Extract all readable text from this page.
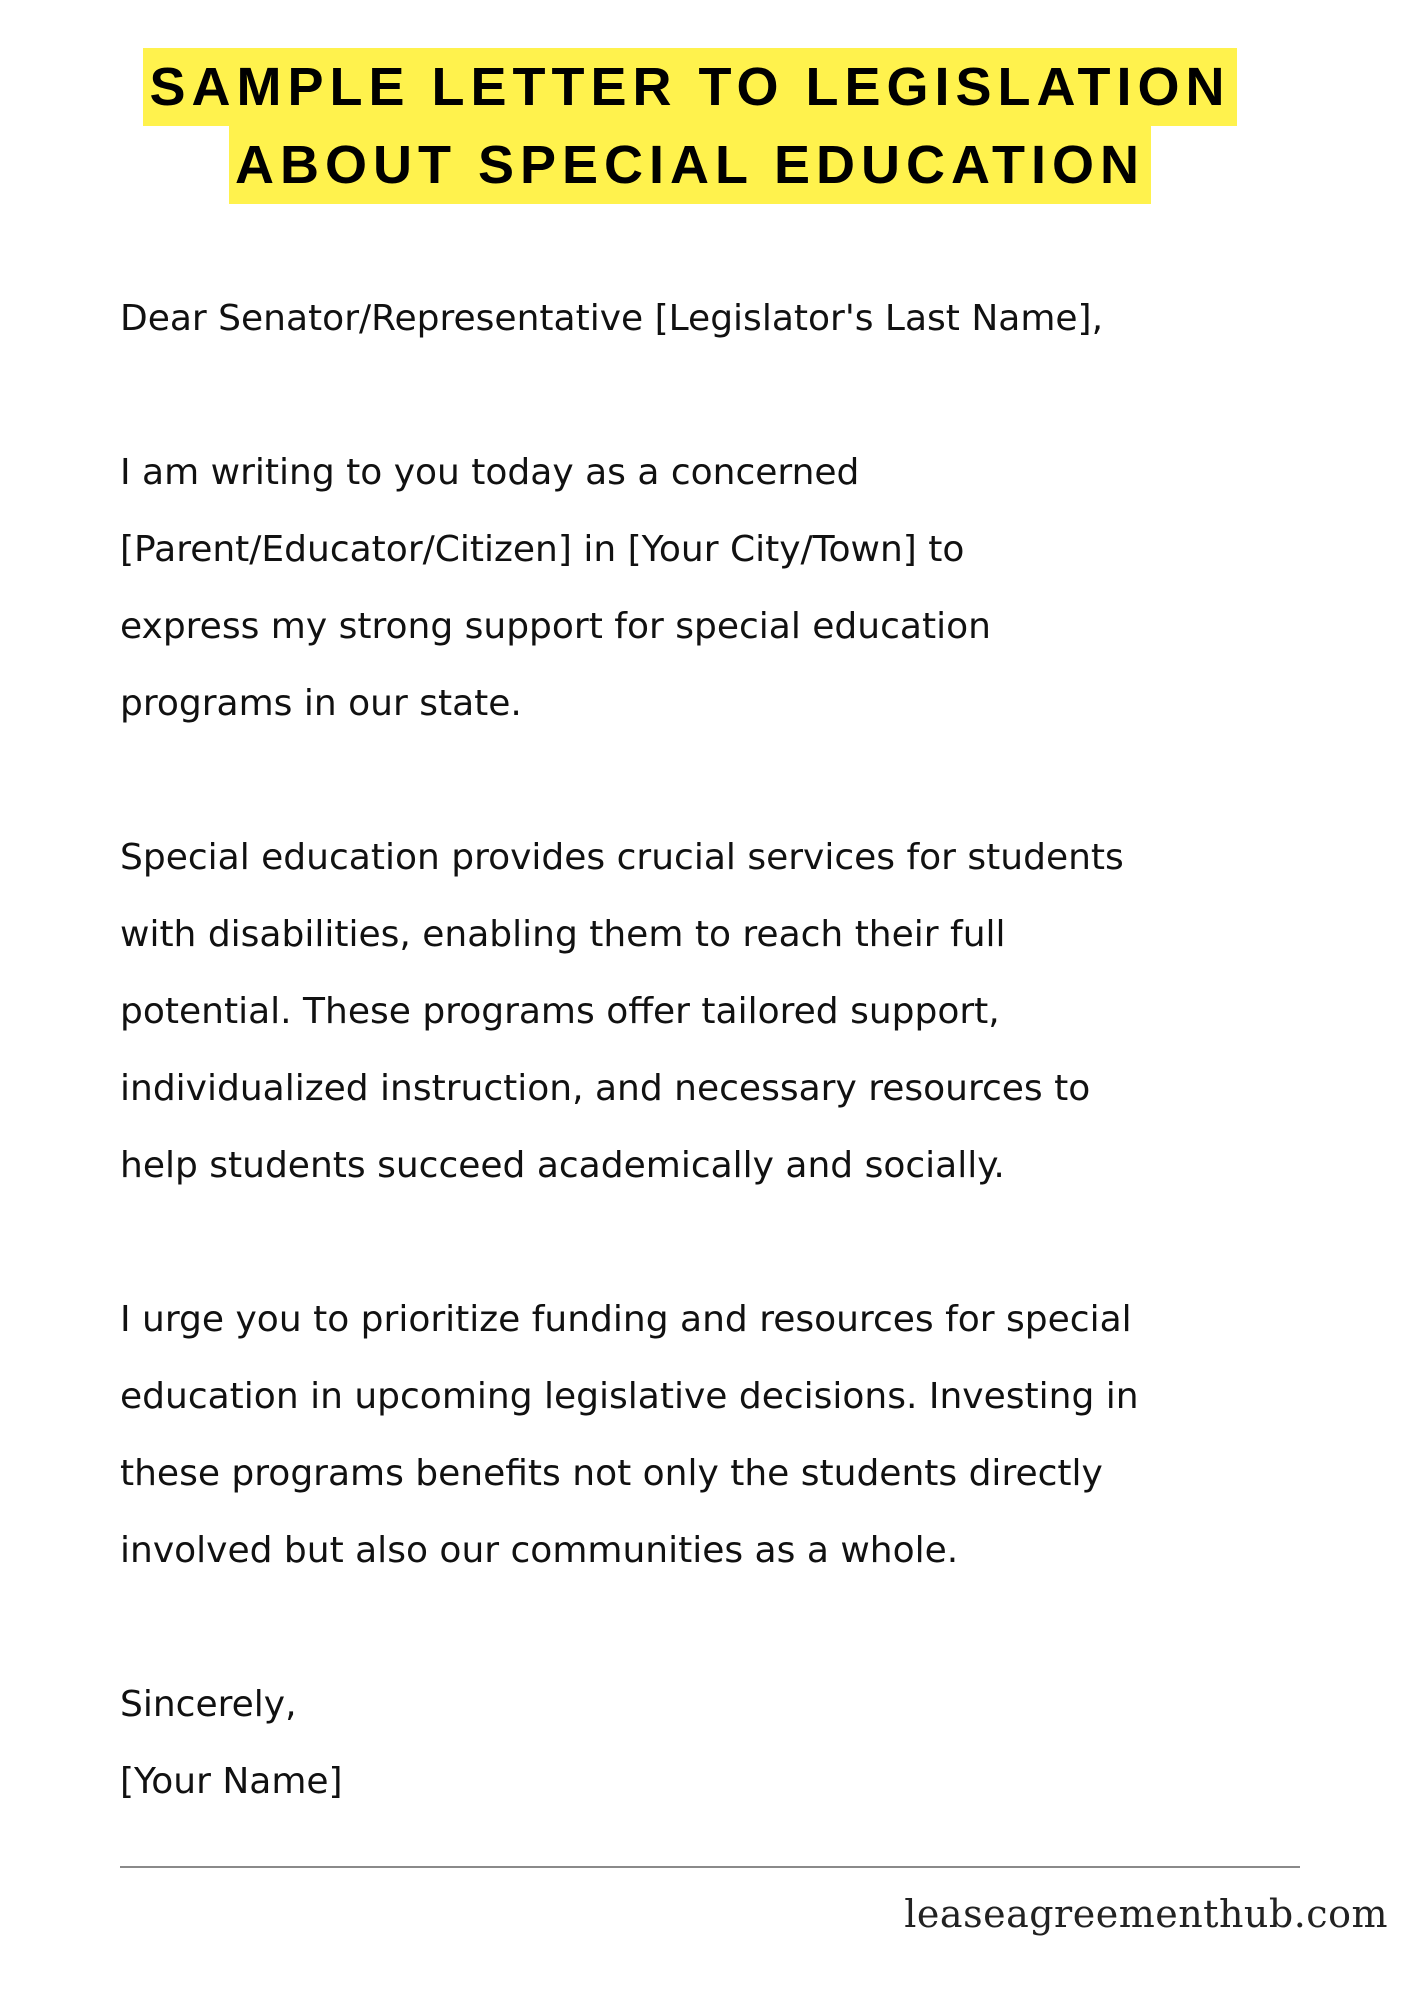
SAMPLE LETTER TO LEGISLATION
ABOUT SPECIAL EDUCATION

Dear Senator/Representative [Legislator's Last Name],

I am writing to you today as a concerned
[Parent/Educator/Citizen] in [Your City/Town] to
express my strong support for special education
programs in our state.

Special education provides crucial services for students
with disabilities, enabling them to reach their full
potential. These programs offer tailored support,
individualized instruction, and necessary resources to
help students succeed academically and socially.

I urge you to prioritize funding and resources for special
education in upcoming legislative decisions. Investing in
these programs benefits not only the students directly
involved but also our communities as a whole.

Sincerely,
[Your Name]

leaseagreementhub.com
